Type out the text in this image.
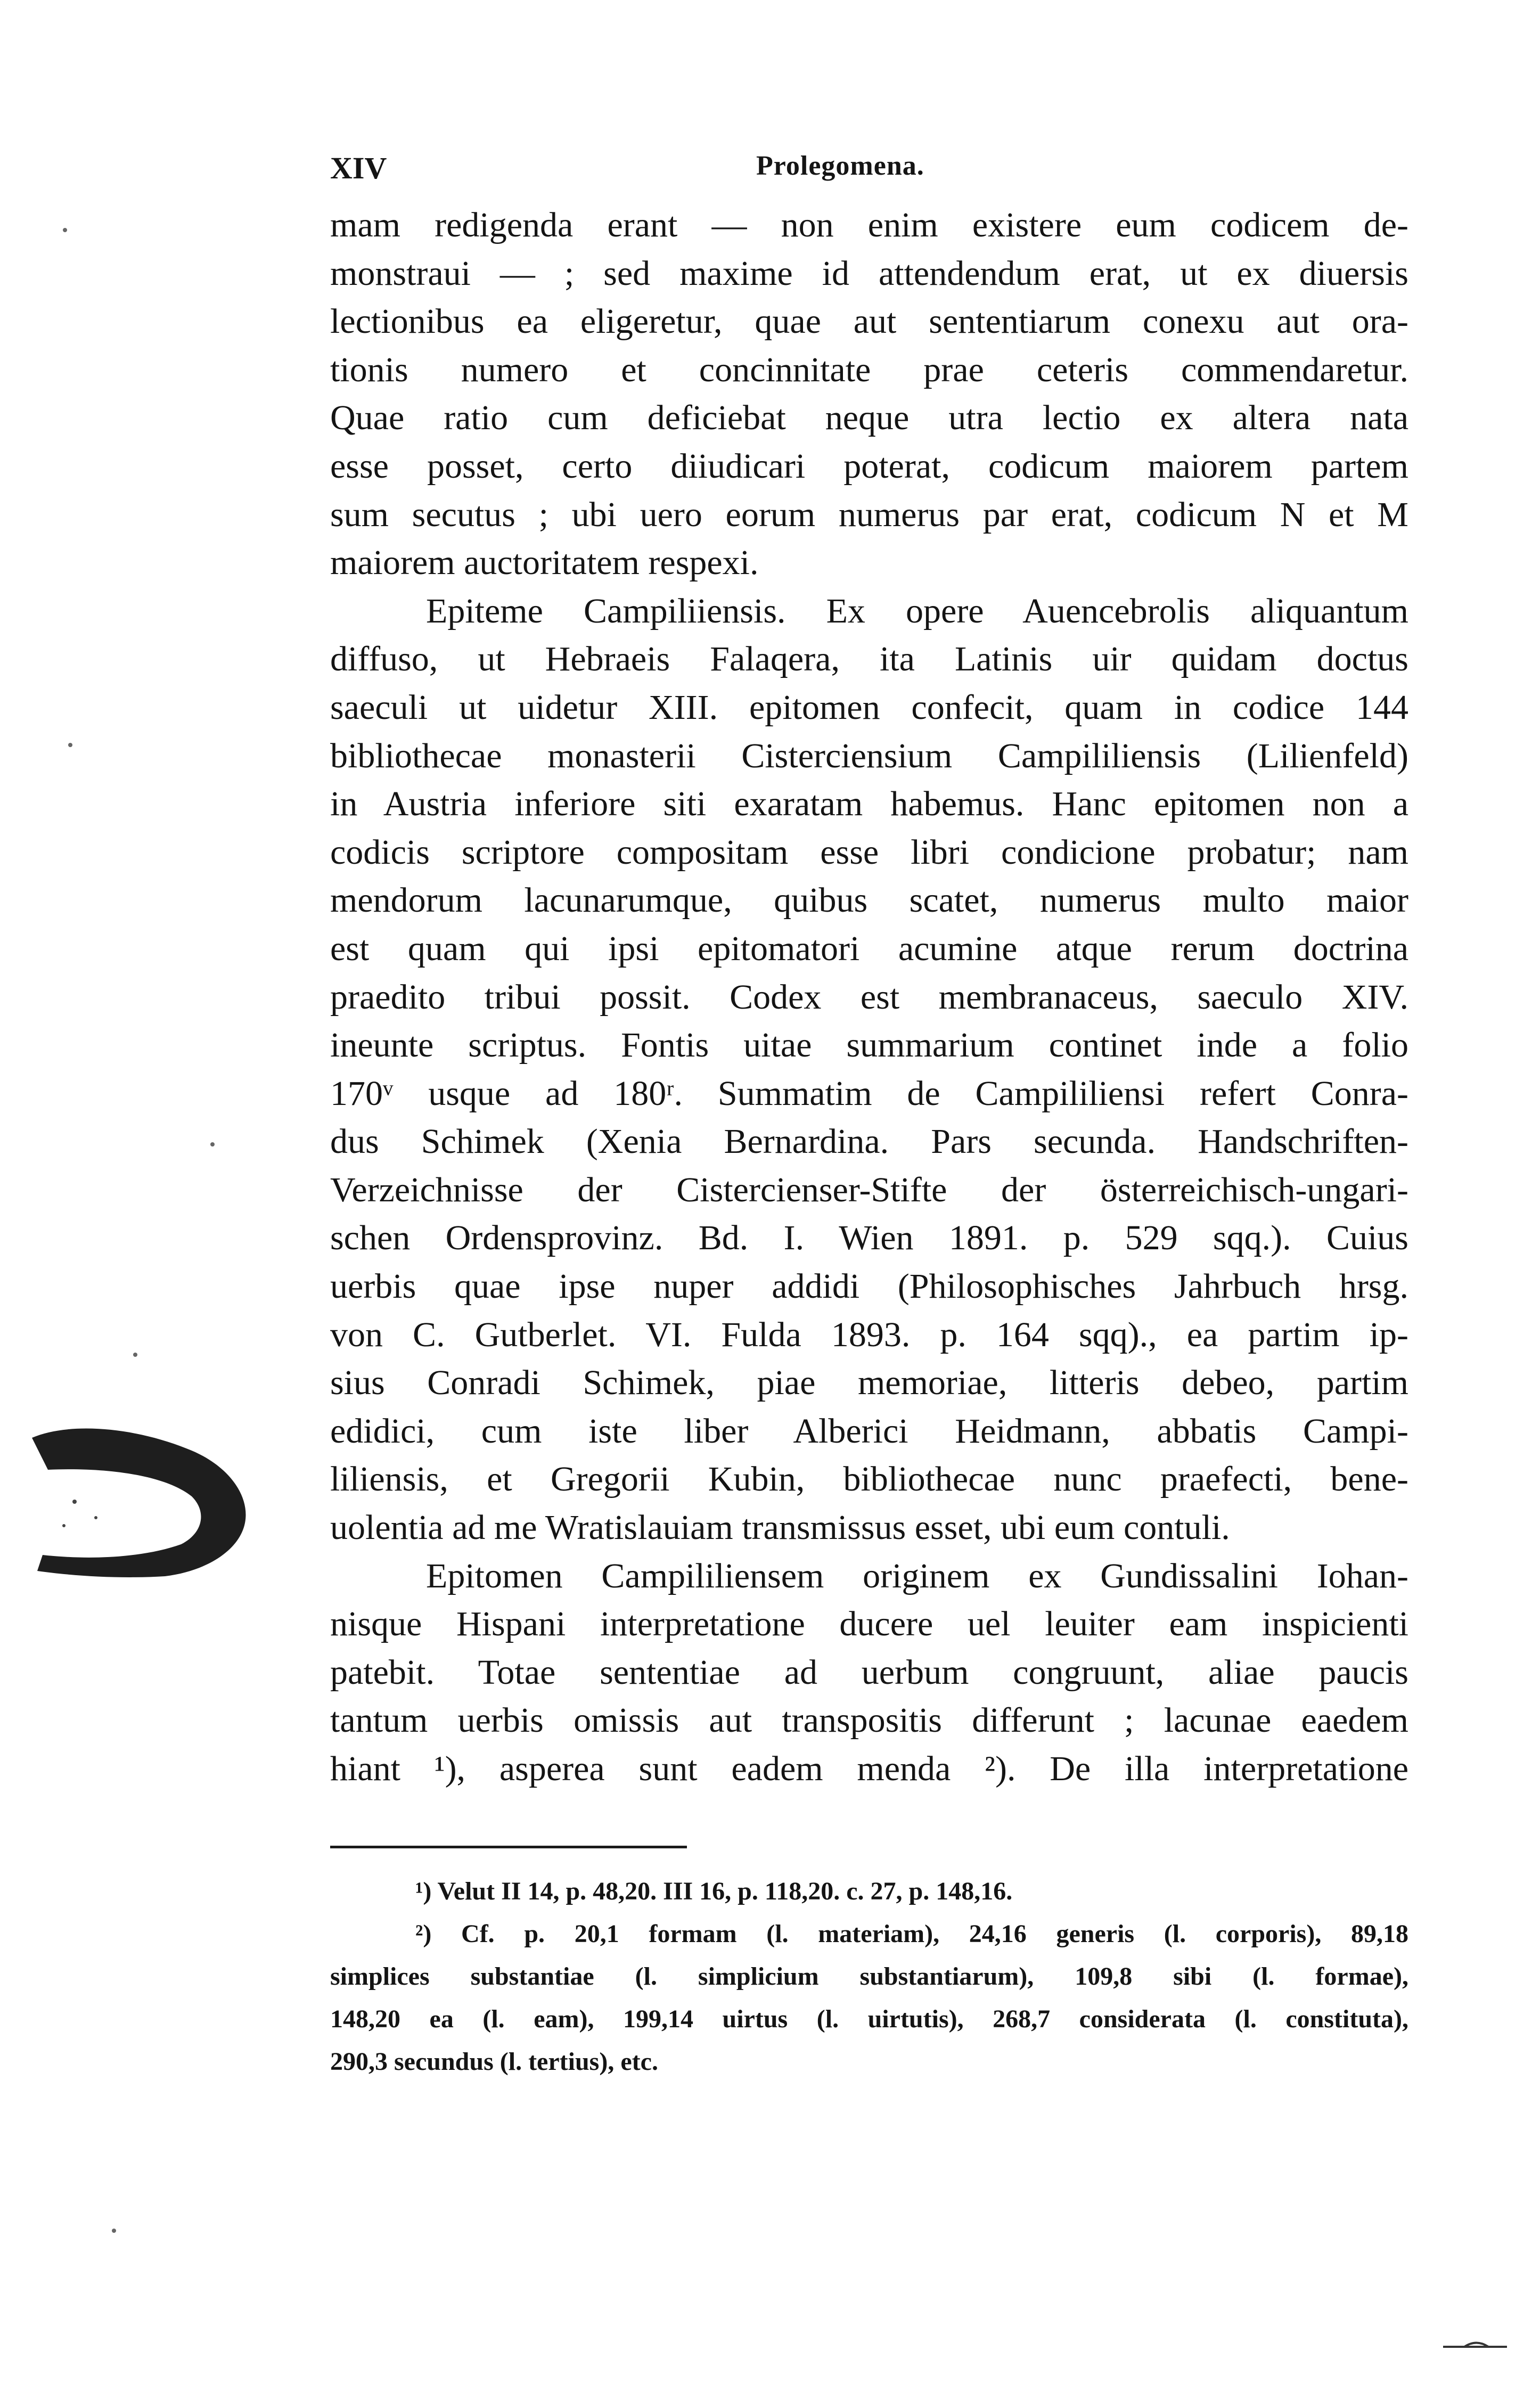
XIV	Prolegomena.
mam redigenda erant — non enim existere eum codicem de-
monstraui — ; sed maxime id attendendum erat, ut ex diuersis
lectionibus ea eligeretur, quae aut sententiarum conexu aut ora-
tionis numero et concinnitate prae ceteris commendaretur.
Quae ratio cum deficiebat neque utra lectio ex altera nata
esse posset, certo diiudicari poterat, codicum maiorem partem
sum secutus ; ubi uero eorum numerus par erat, codicum N et M
maiorem auctoritatem respexi.
Epiteme Campiliiensis. Ex opere Auencebrolis aliquantum
diffuso, ut Hebraeis Falaqera, ita Latinis uir quidam doctus
saeculi ut uidetur XIII. epitomen confecit, quam in codice 144
bibliothecae monasterii Cisterciensium Campililiensis (Lilienfeld)
in Austria inferiore siti exaratam habemus. Hanc epitomen non a
codicis scriptore compositam esse libri condicione probatur; nam
mendorum lacunarumque, quibus scatet, numerus multo maior
est quam qui ipsi epitomatori acumine atque rerum doctrina
praedito tribui possit. Codex est membranaceus, saeculo XIV.
ineunte scriptus. Fontis uitae summarium continet inde a folio
170ᵛ usque ad 180ʳ. Summatim de Campililiensi refert Conra-
dus Schimek (Xenia Bernardina. Pars secunda. Handschriften-
Verzeichnisse der Cistercienser-Stifte der österreichisch-ungari-
schen Ordensprovinz. Bd. I. Wien 1891. p. 529 sqq.). Cuius
uerbis quae ipse nuper addidi (Philosophisches Jahrbuch hrsg.
von C. Gutberlet. VI. Fulda 1893. p. 164 sqq)., ea partim ip-
sius Conradi Schimek, piae memoriae, litteris debeo, partim
edidici, cum iste liber Alberici Heidmann, abbatis Campi-
liliensis, et Gregorii Kubin, bibliothecae nunc praefecti, bene-
uolentia ad me Wratislauiam transmissus esset, ubi eum contuli.
Epitomen Campililiensem originem ex Gundissalini Iohan-
nisque Hispani interpretatione ducere uel leuiter eam inspicienti
patebit. Totae sententiae ad uerbum congruunt, aliae paucis
tantum uerbis omissis aut transpositis differunt ; lacunae eaedem
hiant ¹), asperea sunt eadem menda ²). De illa interpretatione
¹) Velut II 14, p. 48,20. III 16, p. 118,20. c. 27, p. 148,16.
²) Cf. p. 20,1 formam (l. materiam), 24,16 generis (l. corporis), 89,18
simplices substantiae (l. simplicium substantiarum), 109,8 sibi (l. formae),
148,20 ea (l. eam), 199,14 uirtus (l. uirtutis), 268,7 considerata (l. constituta),
290,3 secundus (l. tertius), etc.
